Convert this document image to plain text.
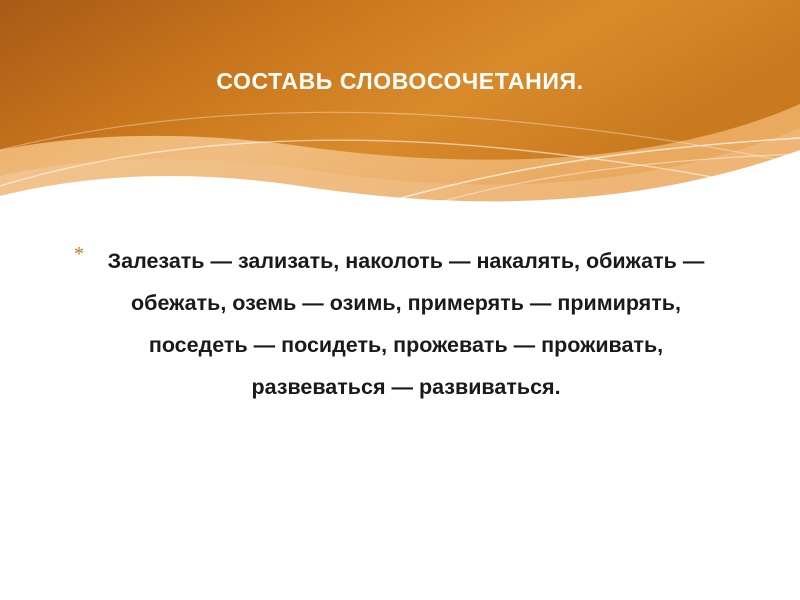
СОСТАВЬ СЛОВОСОЧЕТАНИЯ.
*	Залезать — зализать, наколоть — накалять, обижать — обежать, оземь — озимь, примерять — примирять, поседеть — посидеть, прожевать — проживать, развеваться — развиваться.
